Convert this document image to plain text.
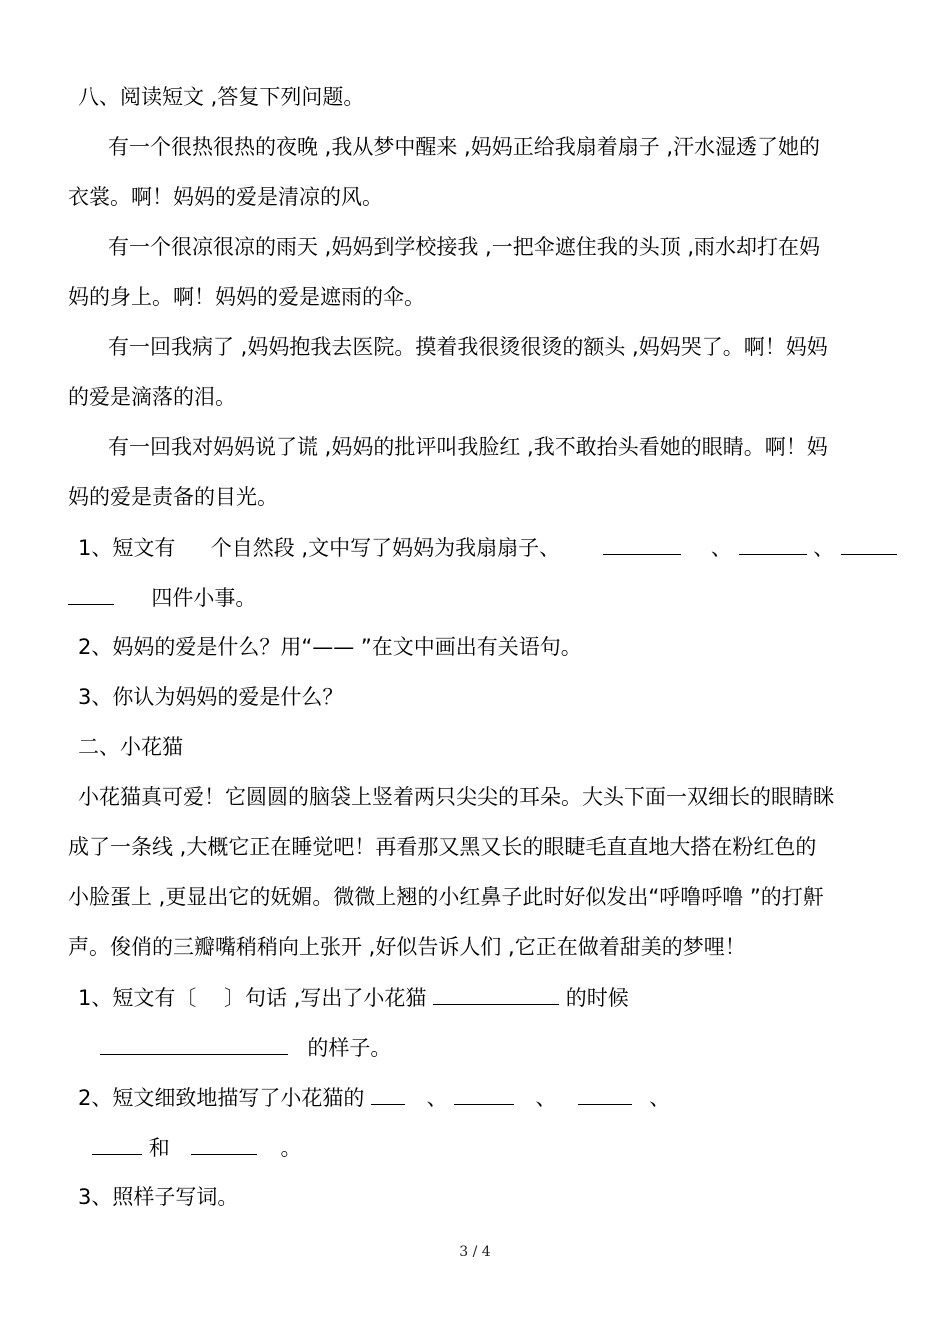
八、阅读短文 ,答复下列问题。
有一个很热很热的夜晚 ,我从梦中醒来 ,妈妈正给我扇着扇子 ,汗水湿透了她的
衣裳。啊！妈妈的爱是清凉的风。
有一个很凉很凉的雨天 ,妈妈到学校接我 ,一把伞遮住我的头顶 ,雨水却打在妈
妈的身上。啊！妈妈的爱是遮雨的伞。
有一回我病了 ,妈妈抱我去医院。摸着我很烫很烫的额头 ,妈妈哭了。啊！妈妈
的爱是滴落的泪。
有一回我对妈妈说了谎 ,妈妈的批评叫我脸红 ,我不敢抬头看她的眼睛。啊！妈
妈的爱是责备的目光。
1、短文有 个自然段 ,文中写了妈妈为我扇扇子、	、	、
四件小事。
2、妈妈的爱是什么？用“—— ”在文中画出有关语句。
3、你认为妈妈的爱是什么？
二、小花猫
小花猫真可爱！它圆圆的脑袋上竖着两只尖尖的耳朵。大头下面一双细长的眼睛眯
成了一条线 ,大概它正在睡觉吧！再看那又黑又长的眼睫毛直直地大搭在粉红色的
小脸蛋上 ,更显出它的妩媚。微微上翘的小红鼻子此时好似发出“呼噜呼噜 ”的打鼾
声。俊俏的三瓣嘴稍稍向上张开 ,好似告诉人们 ,它正在做着甜美的梦哩！
1、短文有〔　 〕句话 ,写出了小花猫	的时候
的样子。
2、短文细致地描写了小花猫的	、	、	、
和	。
3、照样子写词。
3 / 4
